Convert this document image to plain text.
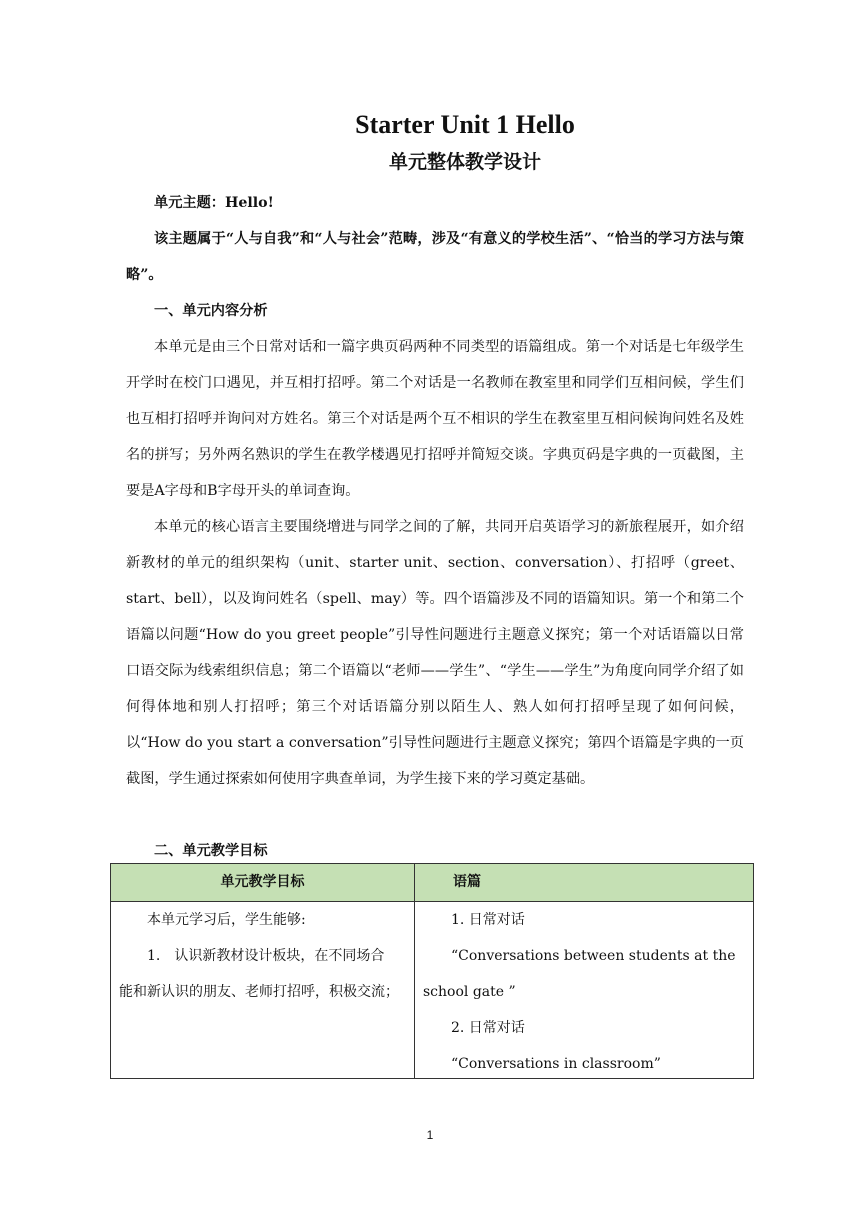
Starter Unit 1 Hello
单元整体教学设计
单元主题：Hello!
该主题属于“人与自我”和“人与社会”范畴，涉及“有意义的学校生活”、“恰当的学习方法与策略”。
一、单元内容分析
本单元是由三个日常对话和一篇字典页码两种不同类型的语篇组成。第一个对话是七年级学生开学时在校门口遇见，并互相打招呼。第二个对话是一名教师在教室里和同学们互相问候，学生们也互相打招呼并询问对方姓名。第三个对话是两个互不相识的学生在教室里互相问候询问姓名及姓名的拼写；另外两名熟识的学生在教学楼遇见打招呼并简短交谈。字典页码是字典的一页截图，主要是A字母和B字母开头的单词查询。
本单元的核心语言主要围绕增进与同学之间的了解，共同开启英语学习的新旅程展开，如介绍新教材的单元的组织架构（unit、starter unit、section、conversation）、打招呼（greet、start、bell），以及询问姓名（spell、may）等。四个语篇涉及不同的语篇知识。第一个和第二个语篇以问题“How do you greet people”引导性问题进行主题意义探究；第一个对话语篇以日常口语交际为线索组织信息；第二个语篇以“老师——学生”、“学生——学生”为角度向同学介绍了如何得体地和别人打招呼；第三个对话语篇分别以陌生人、熟人如何打招呼呈现了如何问候，以“How do you start a conversation”引导性问题进行主题意义探究；第四个语篇是字典的一页截图，学生通过探索如何使用字典查单词，为学生接下来的学习奠定基础。
二、单元教学目标
单元教学目标	语篇
本单元学习后，学生能够:
1.　认识新教材设计板块，在不同场合
能和新认识的朋友、老师打招呼，积极交流；
1. 日常对话
“Conversations between students at the
school gate ”
2. 日常对话
“Conversations in classroom”
1
